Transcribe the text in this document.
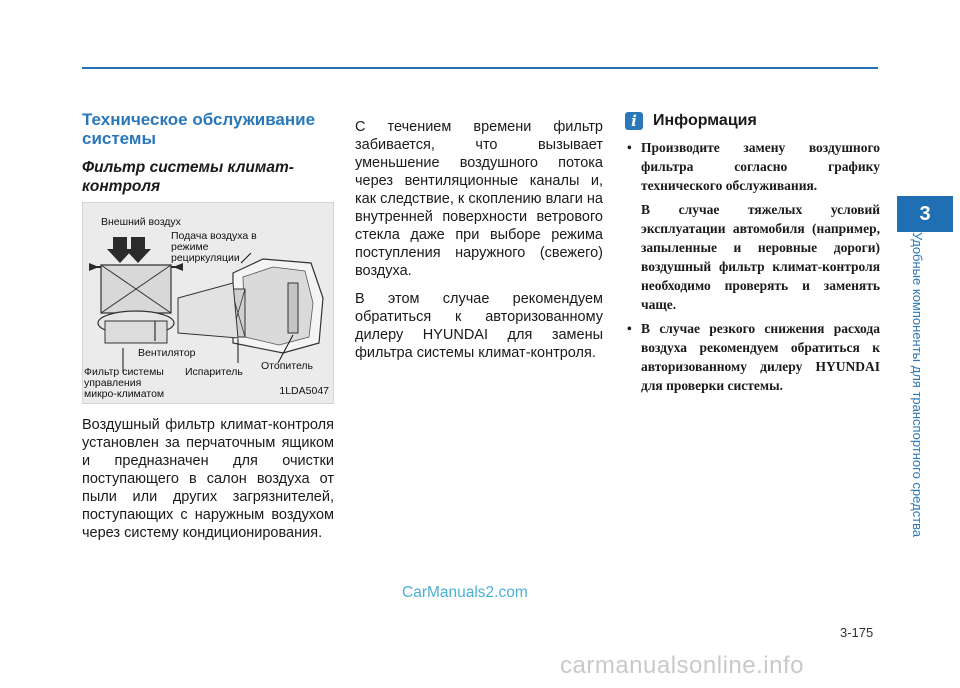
Техническое обслуживание системы
Фильтр системы климат-контроля
Внешний воздух
Подача воздуха в
режиме
рециркуляции
Вентилятор
Фильтр системы
управления
микро-климатом
Испаритель Отопитель
1LDA5047

Воздушный фильтр климат-контроля установлен за перчаточным ящиком и предназначен для очистки поступающего в салон воздуха от пыли или других загрязнителей, поступающих с наружным воздухом через систему кондиционирования.

С течением времени фильтр забивается, что вызывает уменьшение воздушного потока через вентиляционные каналы и, как следствие, к скоплению влаги на внутренней поверхности ветрового стекла даже при выборе режима поступления наружного (свежего) воздуха.

В этом случае рекомендуем обратиться к авторизованному дилеру HYUNDAI для замены фильтра системы климат-контроля.

i	Информация

• Производите замену воздушного фильтра согласно графику технического обслуживания.

В случае тяжелых условий эксплуатации автомобиля (например, запыленные и неровные дороги) воздушный фильтр климат-контроля необходимо проверять и заменять чаще.

• В случае резкого снижения расхода воздуха рекомендуем обратиться к авторизованному дилеру HYUNDAI для проверки системы.

3
Удобные компоненты для транспортного средства
CarManuals2.com
3-175
carmanualsonline.info
